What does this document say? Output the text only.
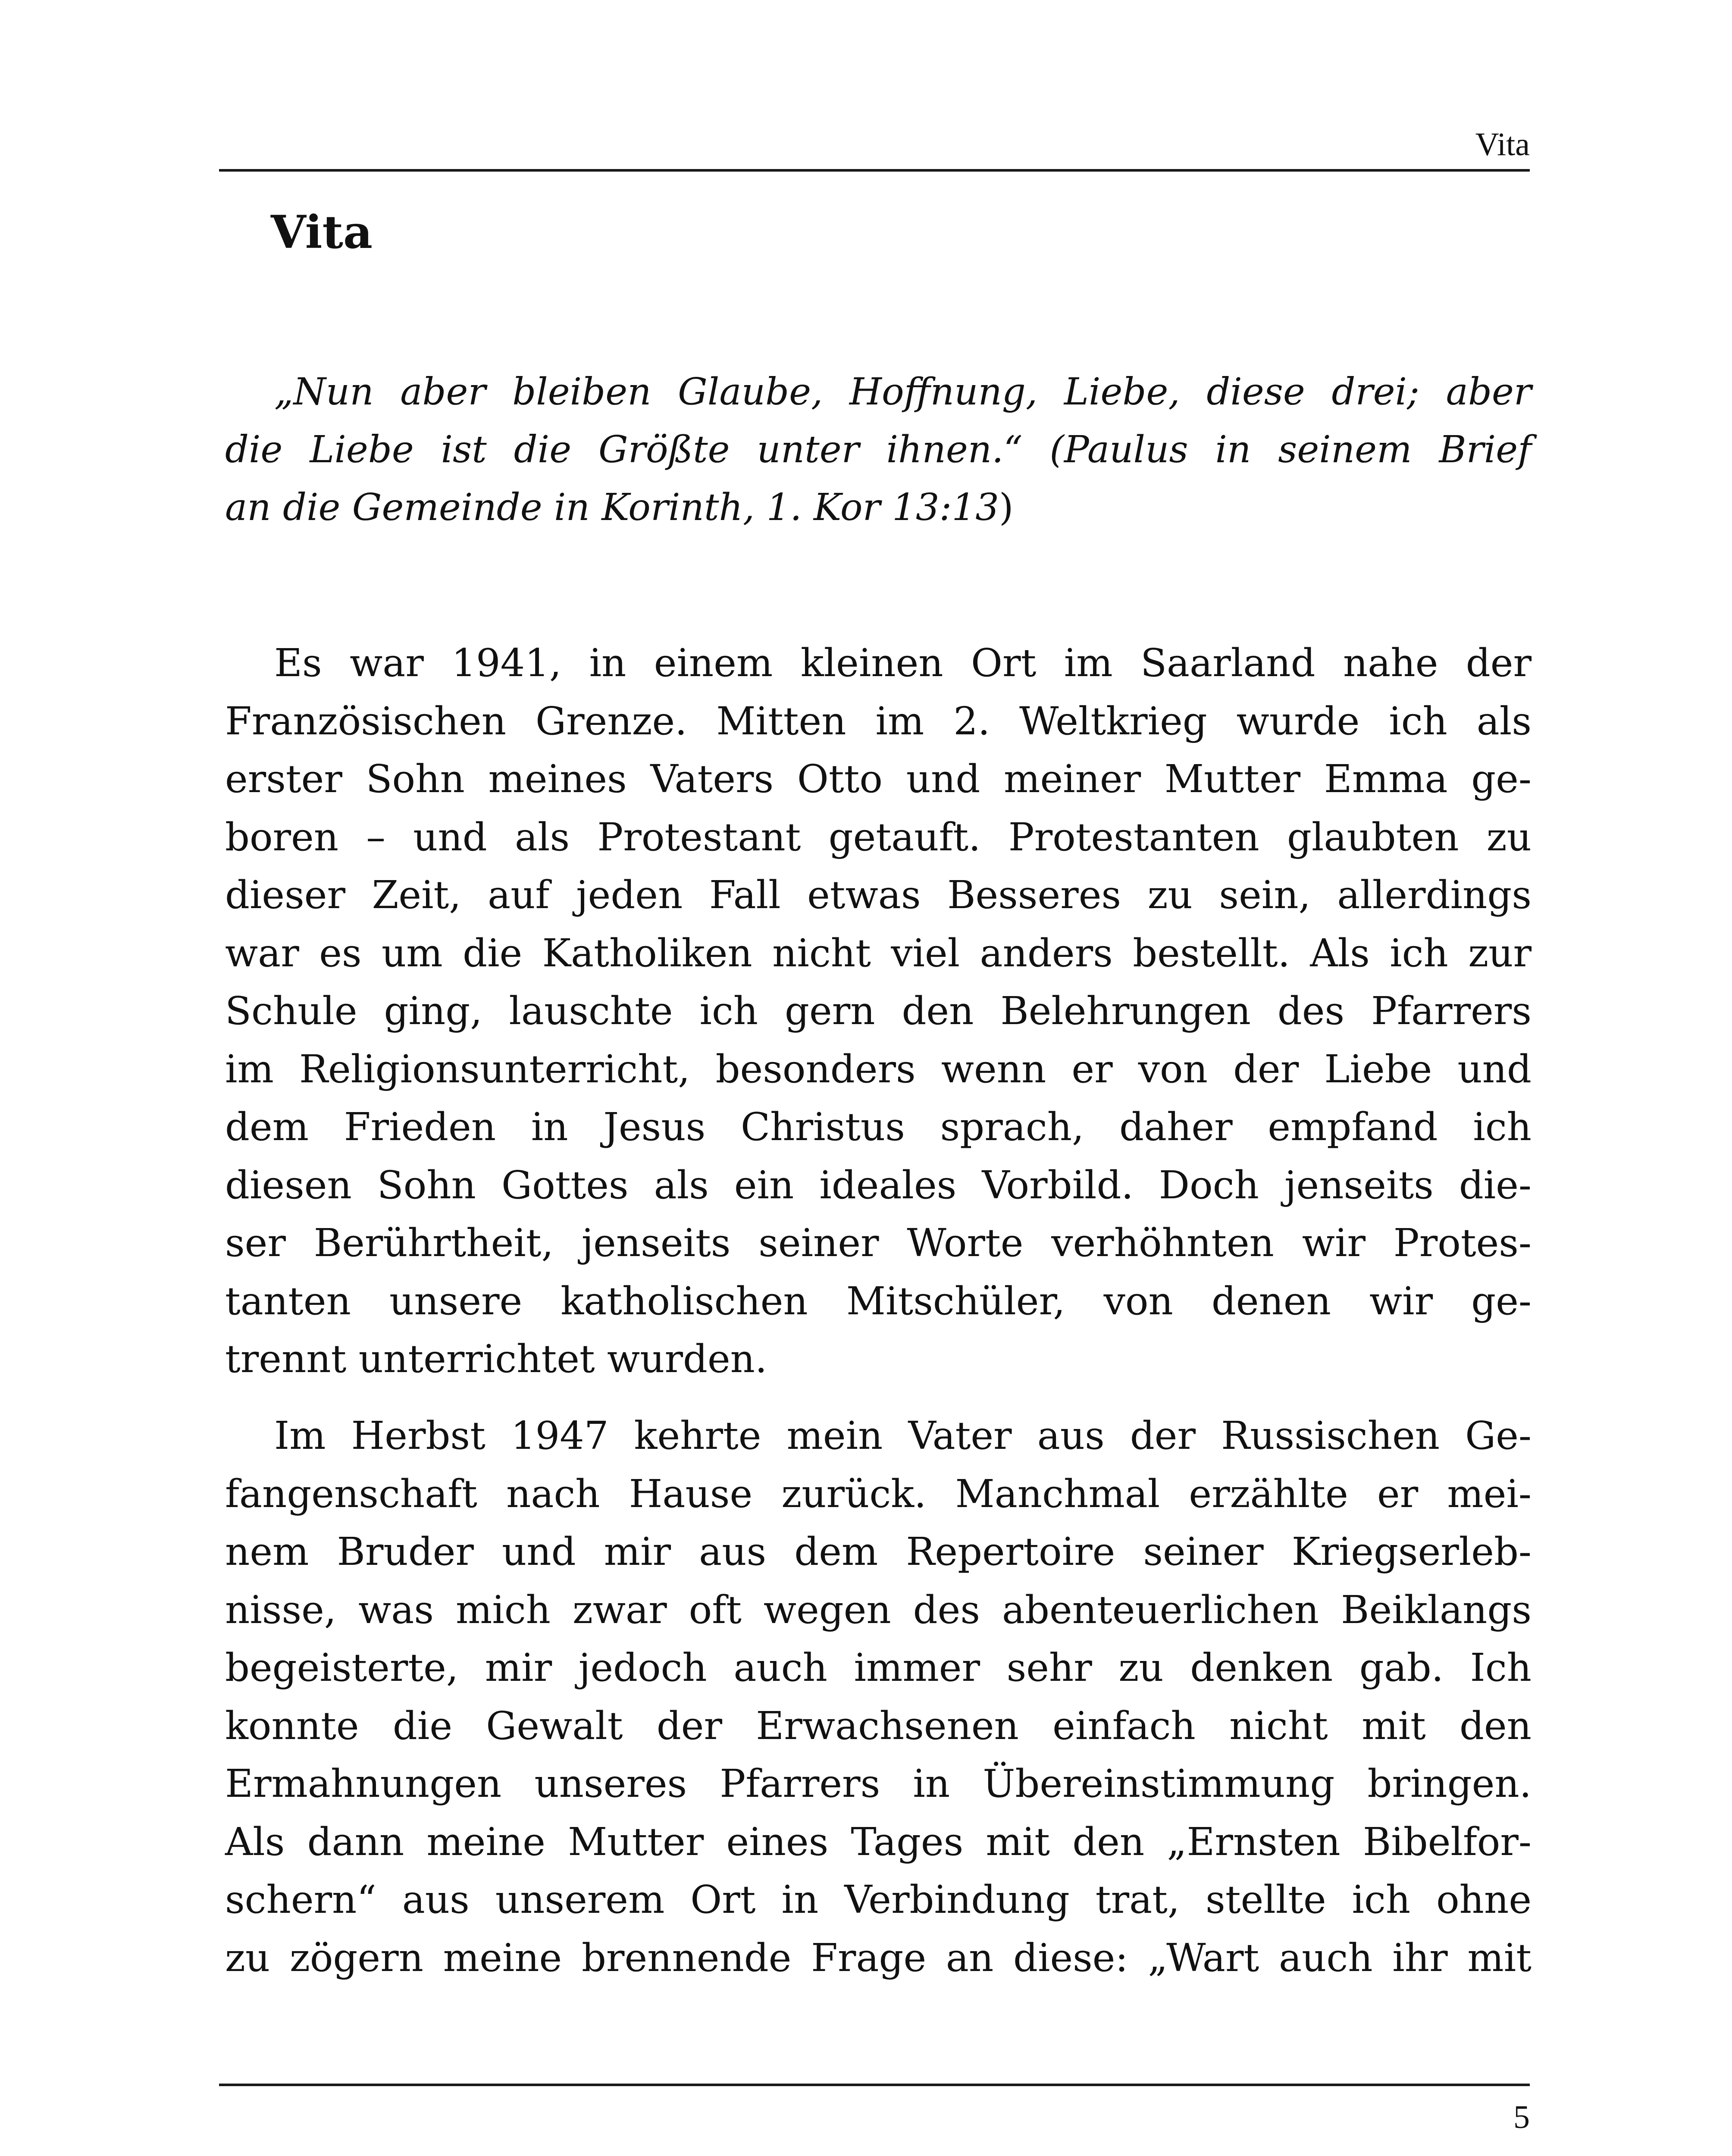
Vita
Vita
„Nun aber bleiben Glaube, Hoffnung, Liebe, diese drei; aber
die Liebe ist die Größte unter ihnen.“ (Paulus in seinem Brief
an die Gemeinde in Korinth, 1. Kor 13:13)
Es war 1941, in einem kleinen Ort im Saarland nahe der
Französischen Grenze. Mitten im 2. Weltkrieg wurde ich als
erster Sohn meines Vaters Otto und meiner Mutter Emma ge-
boren – und als Protestant getauft. Protestanten glaubten zu
dieser Zeit, auf jeden Fall etwas Besseres zu sein, allerdings
war es um die Katholiken nicht viel anders bestellt. Als ich zur
Schule ging, lauschte ich gern den Belehrungen des Pfarrers
im Religionsunterricht, besonders wenn er von der Liebe und
dem Frieden in Jesus Christus sprach, daher empfand ich
diesen Sohn Gottes als ein ideales Vorbild. Doch jenseits die-
ser Berührtheit, jenseits seiner Worte verhöhnten wir Protes-
tanten unsere katholischen Mitschüler, von denen wir ge-
trennt unterrichtet wurden.
Im Herbst 1947 kehrte mein Vater aus der Russischen Ge-
fangenschaft nach Hause zurück. Manchmal erzählte er mei-
nem Bruder und mir aus dem Repertoire seiner Kriegserleb-
nisse, was mich zwar oft wegen des abenteuerlichen Beiklangs
begeisterte, mir jedoch auch immer sehr zu denken gab. Ich
konnte die Gewalt der Erwachsenen einfach nicht mit den
Ermahnungen unseres Pfarrers in Übereinstimmung bringen.
Als dann meine Mutter eines Tages mit den „Ernsten Bibelfor-
schern“ aus unserem Ort in Verbindung trat, stellte ich ohne
zu zögern meine brennende Frage an diese: „Wart auch ihr mit
5
